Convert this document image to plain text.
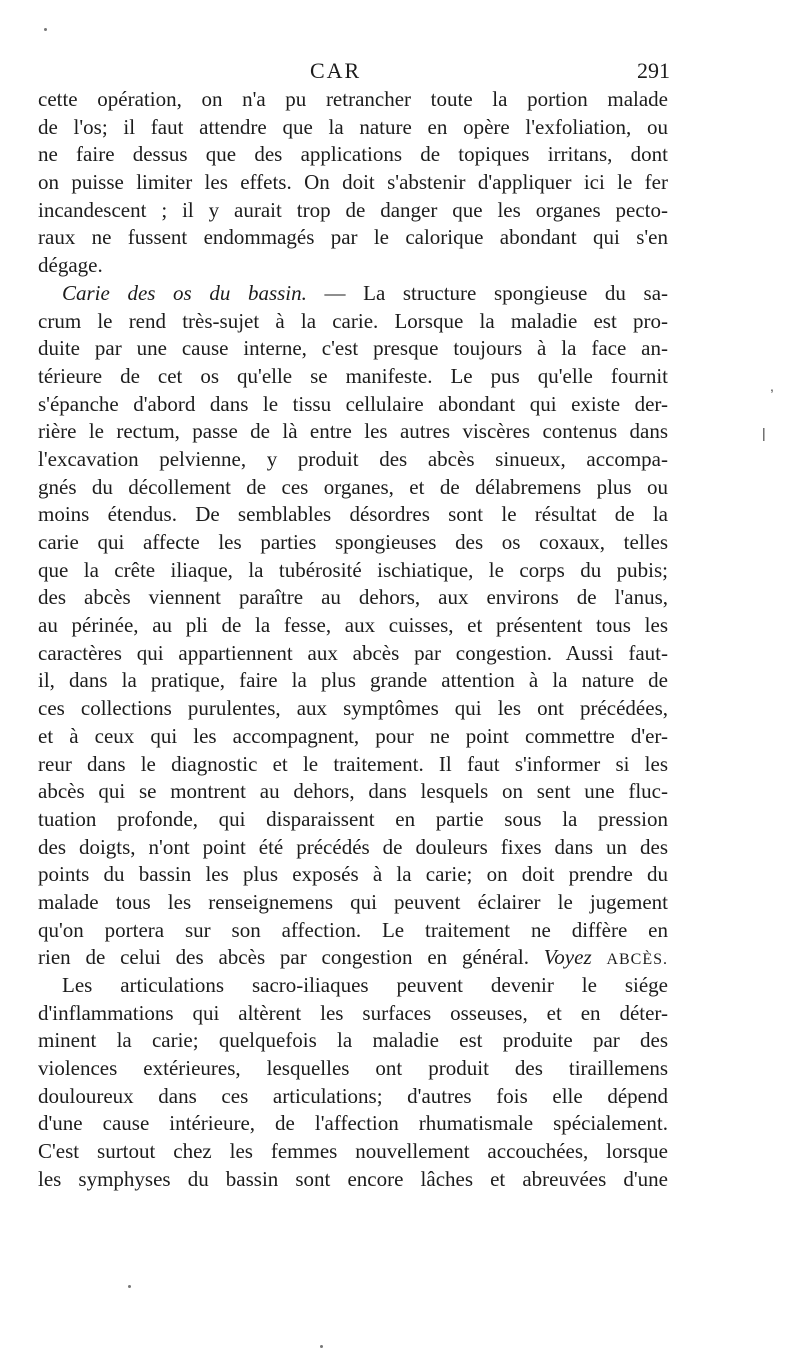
CAR	291
cette opération, on n'a pu retrancher toute la portion malade
de l'os; il faut attendre que la nature en opère l'exfoliation, ou
ne faire dessus que des applications de topiques irritans, dont
on puisse limiter les effets. On doit s'abstenir d'appliquer ici le fer
incandescent ; il y aurait trop de danger que les organes pecto-
raux ne fussent endommagés par le calorique abondant qui s'en
dégage.
Carie des os du bassin. — La structure spongieuse du sa-
crum le rend très-sujet à la carie. Lorsque la maladie est pro-
duite par une cause interne, c'est presque toujours à la face an-
térieure de cet os qu'elle se manifeste. Le pus qu'elle fournit
s'épanche d'abord dans le tissu cellulaire abondant qui existe der-
rière le rectum, passe de là entre les autres viscères contenus dans
l'excavation pelvienne, y produit des abcès sinueux, accompa-
gnés du décollement de ces organes, et de délabremens plus ou
moins étendus. De semblables désordres sont le résultat de la
carie qui affecte les parties spongieuses des os coxaux, telles
que la crête iliaque, la tubérosité ischiatique, le corps du pubis;
des abcès viennent paraître au dehors, aux environs de l'anus,
au périnée, au pli de la fesse, aux cuisses, et présentent tous les
caractères qui appartiennent aux abcès par congestion. Aussi faut-
il, dans la pratique, faire la plus grande attention à la nature de
ces collections purulentes, aux symptômes qui les ont précédées,
et à ceux qui les accompagnent, pour ne point commettre d'er-
reur dans le diagnostic et le traitement. Il faut s'informer si les
abcès qui se montrent au dehors, dans lesquels on sent une fluc-
tuation profonde, qui disparaissent en partie sous la pression
des doigts, n'ont point été précédés de douleurs fixes dans un des
points du bassin les plus exposés à la carie; on doit prendre du
malade tous les renseignemens qui peuvent éclairer le jugement
qu'on portera sur son affection. Le traitement ne diffère en
rien de celui des abcès par congestion en général. Voyez ABCÈS.
Les articulations sacro-iliaques peuvent devenir le siége
d'inflammations qui altèrent les surfaces osseuses, et en déter-
minent la carie; quelquefois la maladie est produite par des
violences extérieures, lesquelles ont produit des tiraillemens
douloureux dans ces articulations; d'autres fois elle dépend
d'une cause intérieure, de l'affection rhumatismale spécialement.
C'est surtout chez les femmes nouvellement accouchées, lorsque
les symphyses du bassin sont encore lâches et abreuvées d'une
,
|
